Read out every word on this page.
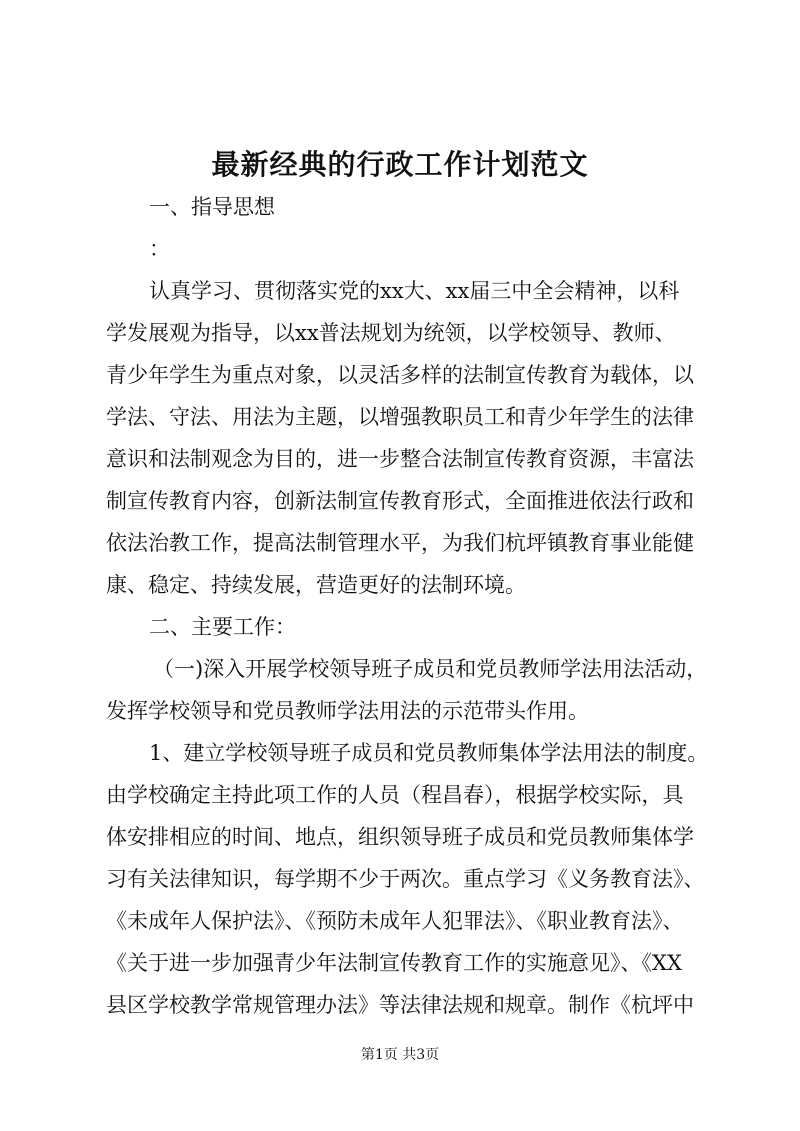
最新经典的行政工作计划范文
一、指导思想
：
认真学习、贯彻落实党的xx大、xx届三中全会精神，以科
学发展观为指导，以xx普法规划为统领，以学校领导、教师、
青少年学生为重点对象，以灵活多样的法制宣传教育为载体，以
学法、守法、用法为主题，以增强教职员工和青少年学生的法律
意识和法制观念为目的，进一步整合法制宣传教育资源，丰富法
制宣传教育内容，创新法制宣传教育形式，全面推进依法行政和
依法治教工作，提高法制管理水平，为我们杭坪镇教育事业能健
康、稳定、持续发展，营造更好的法制环境。
二、主要工作：
（一)深入开展学校领导班子成员和党员教师学法用法活动，
发挥学校领导和党员教师学法用法的示范带头作用。
1、建立学校领导班子成员和党员教师集体学法用法的制度。
由学校确定主持此项工作的人员（程昌春），根据学校实际，具
体安排相应的时间、地点，组织领导班子成员和党员教师集体学
习有关法律知识，每学期不少于两次。重点学习《义务教育法》、
《未成年人保护法》、《预防未成年人犯罪法》、《职业教育法》、
《关于进一步加强青少年法制宣传教育工作的实施意见》、《XX
县区学校教学常规管理办法》等法律法规和规章。制作《杭坪中
第1页 共3页
